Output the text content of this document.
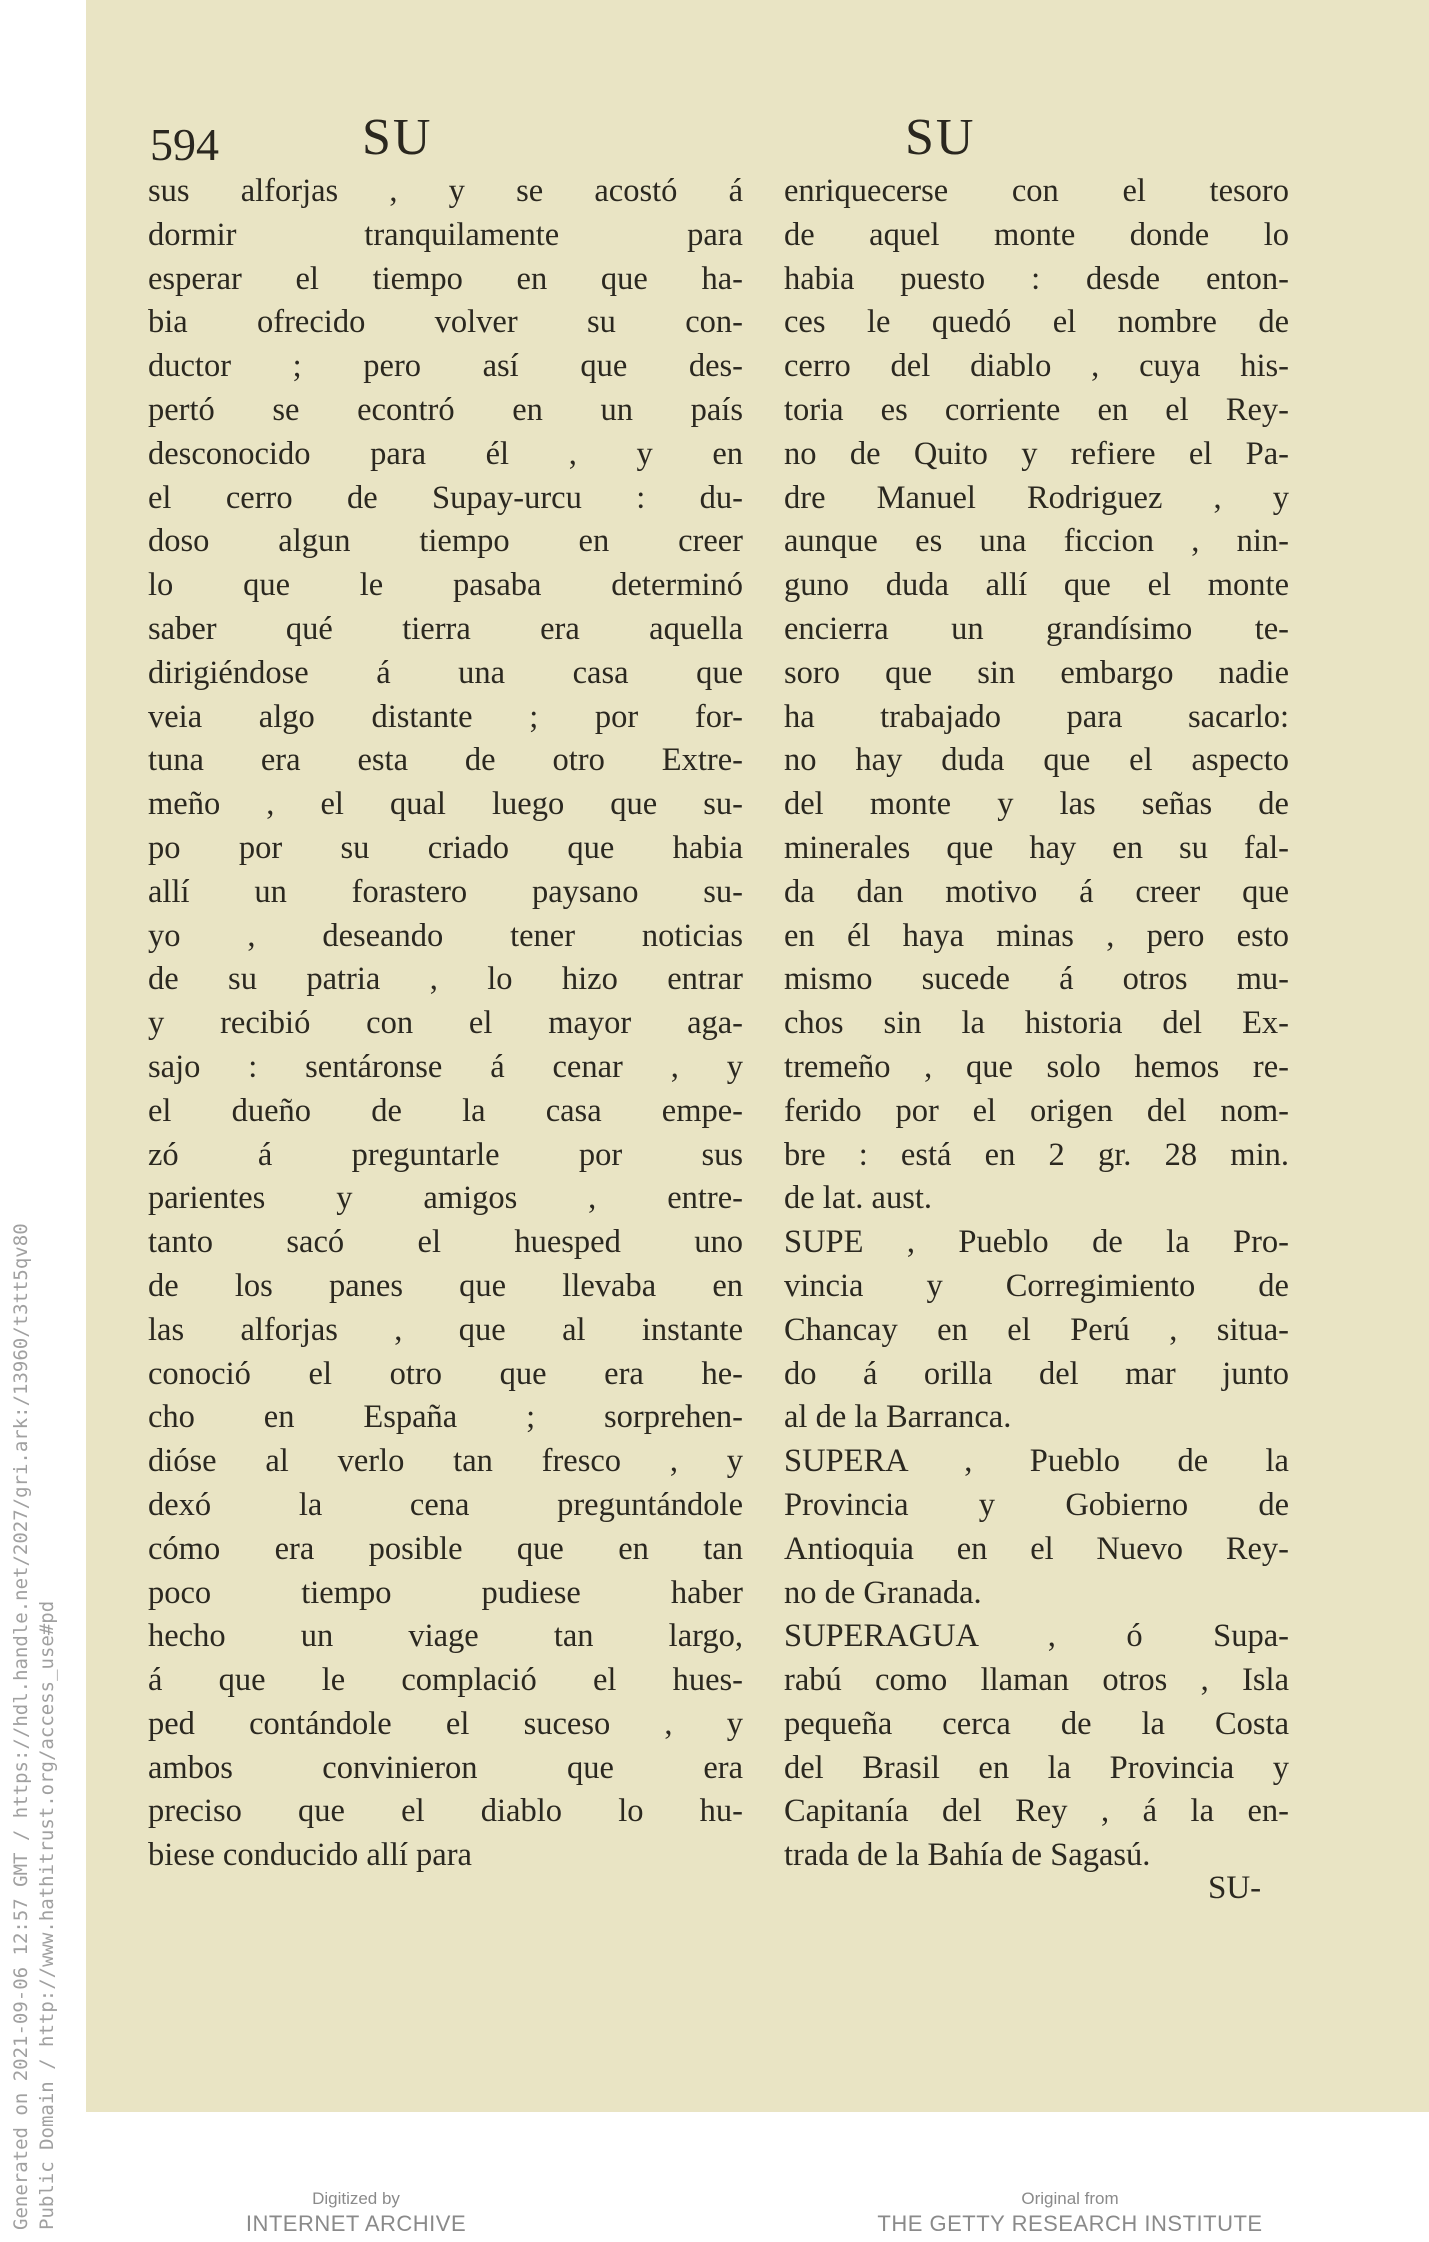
594	SU	SU
sus alforjas , y se acostó á
dormir tranquilamente para
esperar el tiempo en que ha-
bia ofrecido volver su con-
ductor ; pero así que des-
pertó se econtró en un país
desconocido para él , y en
el cerro de Supay-urcu : du-
doso algun tiempo en creer
lo que le pasaba determinó
saber qué tierra era aquella
dirigiéndose á una casa que
veia algo distante ; por for-
tuna era esta de otro Extre-
meño , el qual luego que su-
po por su criado que habia
allí un forastero paysano su-
yo , deseando tener noticias
de su patria , lo hizo entrar
y recibió con el mayor aga-
sajo : sentáronse á cenar , y
el dueño de la casa empe-
zó á preguntarle por sus
parientes y amigos , entre-
tanto sacó el huesped uno
de los panes que llevaba en
las alforjas , que al instante
conoció el otro que era he-
cho en España ; sorprehen-
dióse al verlo tan fresco , y
dexó la cena preguntándole
cómo era posible que en tan
poco tiempo pudiese haber
hecho un viage tan largo,
á que le complació el hues-
ped contándole el suceso , y
ambos convinieron que era
preciso que el diablo lo hu-
biese conducido allí para
enriquecerse con el tesoro
de aquel monte donde lo
habia puesto : desde enton-
ces le quedó el nombre de
cerro del diablo , cuya his-
toria es corriente en el Rey-
no de Quito y refiere el Pa-
dre Manuel Rodriguez , y
aunque es una ficcion , nin-
guno duda allí que el monte
encierra un grandísimo te-
soro que sin embargo nadie
ha trabajado para sacarlo:
no hay duda que el aspecto
del monte y las señas de
minerales que hay en su fal-
da dan motivo á creer que
en él haya minas , pero esto
mismo sucede á otros mu-
chos sin la historia del Ex-
tremeño , que solo hemos re-
ferido por el origen del nom-
bre : está en 2 gr. 28 min.
de lat. aust.
SUPE , Pueblo de la Pro-
vincia y Corregimiento de
Chancay en el Perú , situa-
do á orilla del mar junto
al de la Barranca.
SUPERA , Pueblo de la
Provincia y Gobierno de
Antioquia en el Nuevo Rey-
no de Granada.
SUPERAGUA , ó Supa-
rabú como llaman otros , Isla
pequeña cerca de la Costa
del Brasil en la Provincia y
Capitanía del Rey , á la en-
trada de la Bahía de Sagasú.
SU-
Generated on 2021-09-06 12:57 GMT / https://hdl.handle.net/2027/gri.ark:/13960/t3tt5qv80 Public Domain / http://www.hathitrust.org/access_use#pd	Digitized by
INTERNET ARCHIVE
Original from
THE GETTY RESEARCH INSTITUTE
